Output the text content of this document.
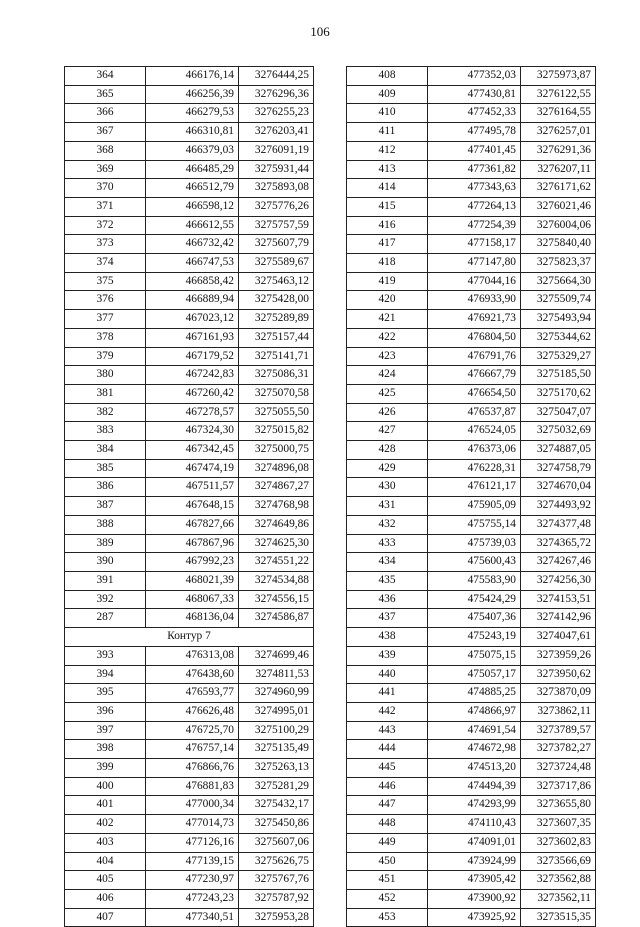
106
364	466176,14	3276444,25
365	466256,39	3276296,36
366	466279,53	3276255,23
367	466310,81	3276203,41
368	466379,03	3276091,19
369	466485,29	3275931,44
370	466512,79	3275893,08
371	466598,12	3275776,26
372	466612,55	3275757,59
373	466732,42	3275607,79
374	466747,53	3275589,67
375	466858,42	3275463,12
376	466889,94	3275428,00
377	467023,12	3275289,89
378	467161,93	3275157,44
379	467179,52	3275141,71
380	467242,83	3275086,31
381	467260,42	3275070,58
382	467278,57	3275055,50
383	467324,30	3275015,82
384	467342,45	3275000,75
385	467474,19	3274896,08
386	467511,57	3274867,27
387	467648,15	3274768,98
388	467827,66	3274649,86
389	467867,96	3274625,30
390	467992,23	3274551,22
391	468021,39	3274534,88
392	468067,33	3274556,15
287	468136,04	3274586,87
Контур 7		
393	476313,08	3274699,46
394	476438,60	3274811,53
395	476593,77	3274960,99
396	476626,48	3274995,01
397	476725,70	3275100,29
398	476757,14	3275135,49
399	476866,76	3275263,13
400	476881,83	3275281,29
401	477000,34	3275432,17
402	477014,73	3275450,86
403	477126,16	3275607,06
404	477139,15	3275626,75
405	477230,97	3275767,76
406	477243,23	3275787,92
407	477340,51	3275953,28
408	477352,03	3275973,87
409	477430,81	3276122,55
410	477452,33	3276164,55
411	477495,78	3276257,01
412	477401,45	3276291,36
413	477361,82	3276207,11
414	477343,63	3276171,62
415	477264,13	3276021,46
416	477254,39	3276004,06
417	477158,17	3275840,40
418	477147,80	3275823,37
419	477044,16	3275664,30
420	476933,90	3275509,74
421	476921,73	3275493,94
422	476804,50	3275344,62
423	476791,76	3275329,27
424	476667,79	3275185,50
425	476654,50	3275170,62
426	476537,87	3275047,07
427	476524,05	3275032,69
428	476373,06	3274887,05
429	476228,31	3274758,79
430	476121,17	3274670,04
431	475905,09	3274493,92
432	475755,14	3274377,48
433	475739,03	3274365,72
434	475600,43	3274267,46
435	475583,90	3274256,30
436	475424,29	3274153,51
437	475407,36	3274142,96
438	475243,19	3274047,61
439	475075,15	3273959,26
440	475057,17	3273950,62
441	474885,25	3273870,09
442	474866,97	3273862,11
443	474691,54	3273789,57
444	474672,98	3273782,27
445	474513,20	3273724,48
446	474494,39	3273717,86
447	474293,99	3273655,80
448	474110,43	3273607,35
449	474091,01	3273602,83
450	473924,99	3273566,69
451	473905,42	3273562,88
452	473900,92	3273562,11
453	473925,92	3273515,35
